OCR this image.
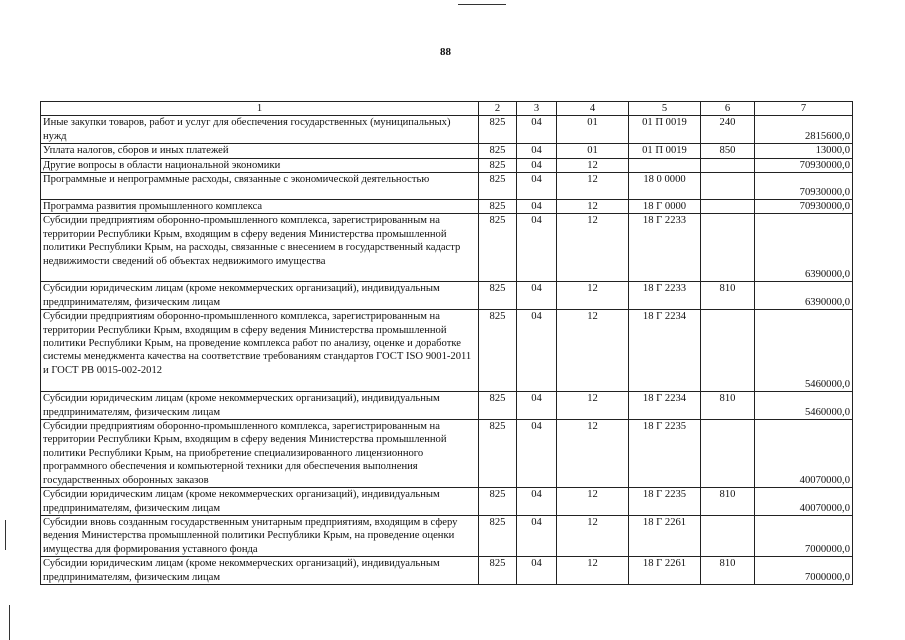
88
1	2	3	4	5	6	7
Иные закупки товаров, работ и услуг для обеспечения государственных (муниципальных) нужд	825	04	01	01 П 0019	240	2815600,0
Уплата налогов, сборов и иных платежей	825	04	01	01 П 0019	850	13000,0
Другие вопросы в области национальной экономики	825	04	12			70930000,0
Программные и непрограммные расходы, связанные с экономической деятельностью	825	04	12	18 0 0000		70930000,0
Программа развития промышленного комплекса	825	04	12	18 Г 0000		70930000,0
Субсидии предприятиям оборонно-промышленного комплекса, зарегистрированным на территории Республики Крым, входящим в сферу ведения Министерства промышленной политики Республики Крым, на расходы, связанные с внесением в государственный кадастр недвижимости сведений об объектах недвижимого имущества	825	04	12	18 Г 2233		6390000,0
Субсидии юридическим лицам (кроме некоммерческих организаций), индивидуальным предпринимателям, физическим лицам	825	04	12	18 Г 2233	810	6390000,0
Субсидии предприятиям оборонно-промышленного комплекса, зарегистрированным на территории Республики Крым, входящим в сферу ведения Министерства промышленной политики Республики Крым, на проведение комплекса работ по анализу, оценке и доработке системы менеджмента качества на соответствие требованиям стандартов ГОСТ ISO 9001-2011 и ГОСТ РВ 0015-002-2012	825	04	12	18 Г 2234		5460000,0
Субсидии юридическим лицам (кроме некоммерческих организаций), индивидуальным предпринимателям, физическим лицам	825	04	12	18 Г 2234	810	5460000,0
Субсидии предприятиям оборонно-промышленного комплекса, зарегистрированным на территории Республики Крым, входящим в сферу ведения Министерства промышленной политики Республики Крым, на приобретение специализированного лицензионного программного обеспечения и компьютерной техники для обеспечения выполнения государственных оборонных заказов	825	04	12	18 Г 2235		40070000,0
Субсидии юридическим лицам (кроме некоммерческих организаций), индивидуальным предпринимателям, физическим лицам	825	04	12	18 Г 2235	810	40070000,0
Субсидии вновь созданным государственным унитарным предприятиям, входящим в сферу ведения Министерства промышленной политики Республики Крым, на проведение оценки имущества для формирования уставного фонда	825	04	12	18 Г 2261		7000000,0
Субсидии юридическим лицам (кроме некоммерческих организаций), индивидуальным предпринимателям, физическим лицам	825	04	12	18 Г 2261	810	7000000,0
